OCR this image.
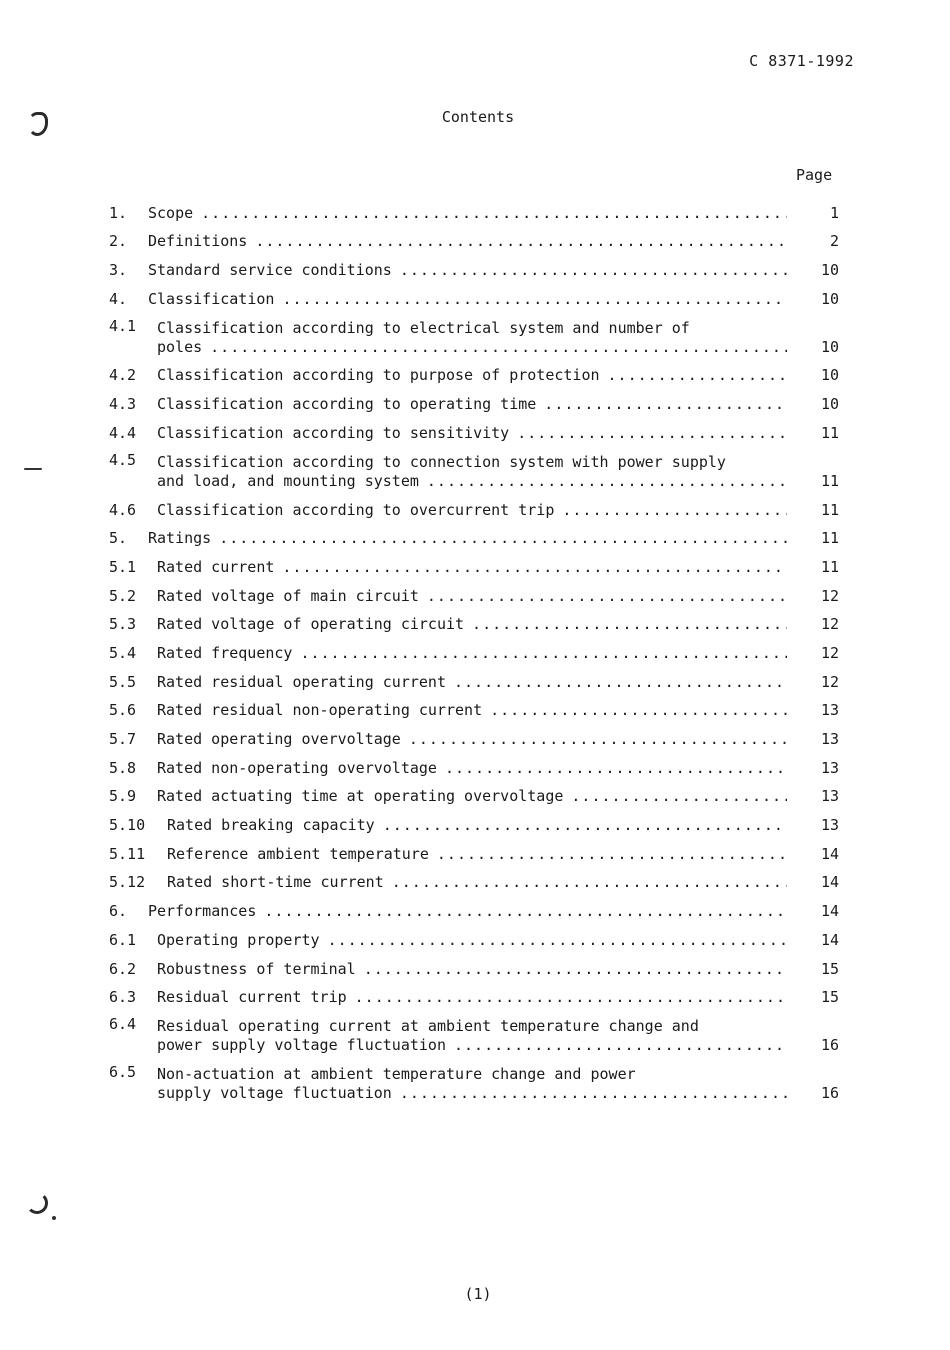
C 8371-1992
Contents
Page
1.	Scope .....	1
2.	Definitions .....	2
3.	Standard service conditions .....	10
4.	Classification .....	10
4.1	Classification according to electrical system and number of
poles .....	10
4.2	Classification according to purpose of protection .....	10
4.3	Classification according to operating time .....	10
4.4	Classification according to sensitivity .....	11
4.5	Classification according to connection system with power supply
and load, and mounting system .....	11
4.6	Classification according to overcurrent trip .....	11
5.	Ratings .....	11
5.1	Rated current .....	11
5.2	Rated voltage of main circuit .....	12
5.3	Rated voltage of operating circuit .....	12
5.4	Rated frequency .....	12
5.5	Rated residual operating current .....	12
5.6	Rated residual non-operating current .....	13
5.7	Rated operating overvoltage .....	13
5.8	Rated non-operating overvoltage .....	13
5.9	Rated actuating time at operating overvoltage .....	13
5.10	Rated breaking capacity .....	13
5.11	Reference ambient temperature .....	14
5.12	Rated short-time current .....	14
6.	Performances .....	14
6.1	Operating property .....	14
6.2	Robustness of terminal .....	15
6.3	Residual current trip .....	15
6.4	Residual operating current at ambient temperature change and
power supply voltage fluctuation .....	16
6.5	Non-actuation at ambient temperature change and power
supply voltage fluctuation .....	16
(1)
